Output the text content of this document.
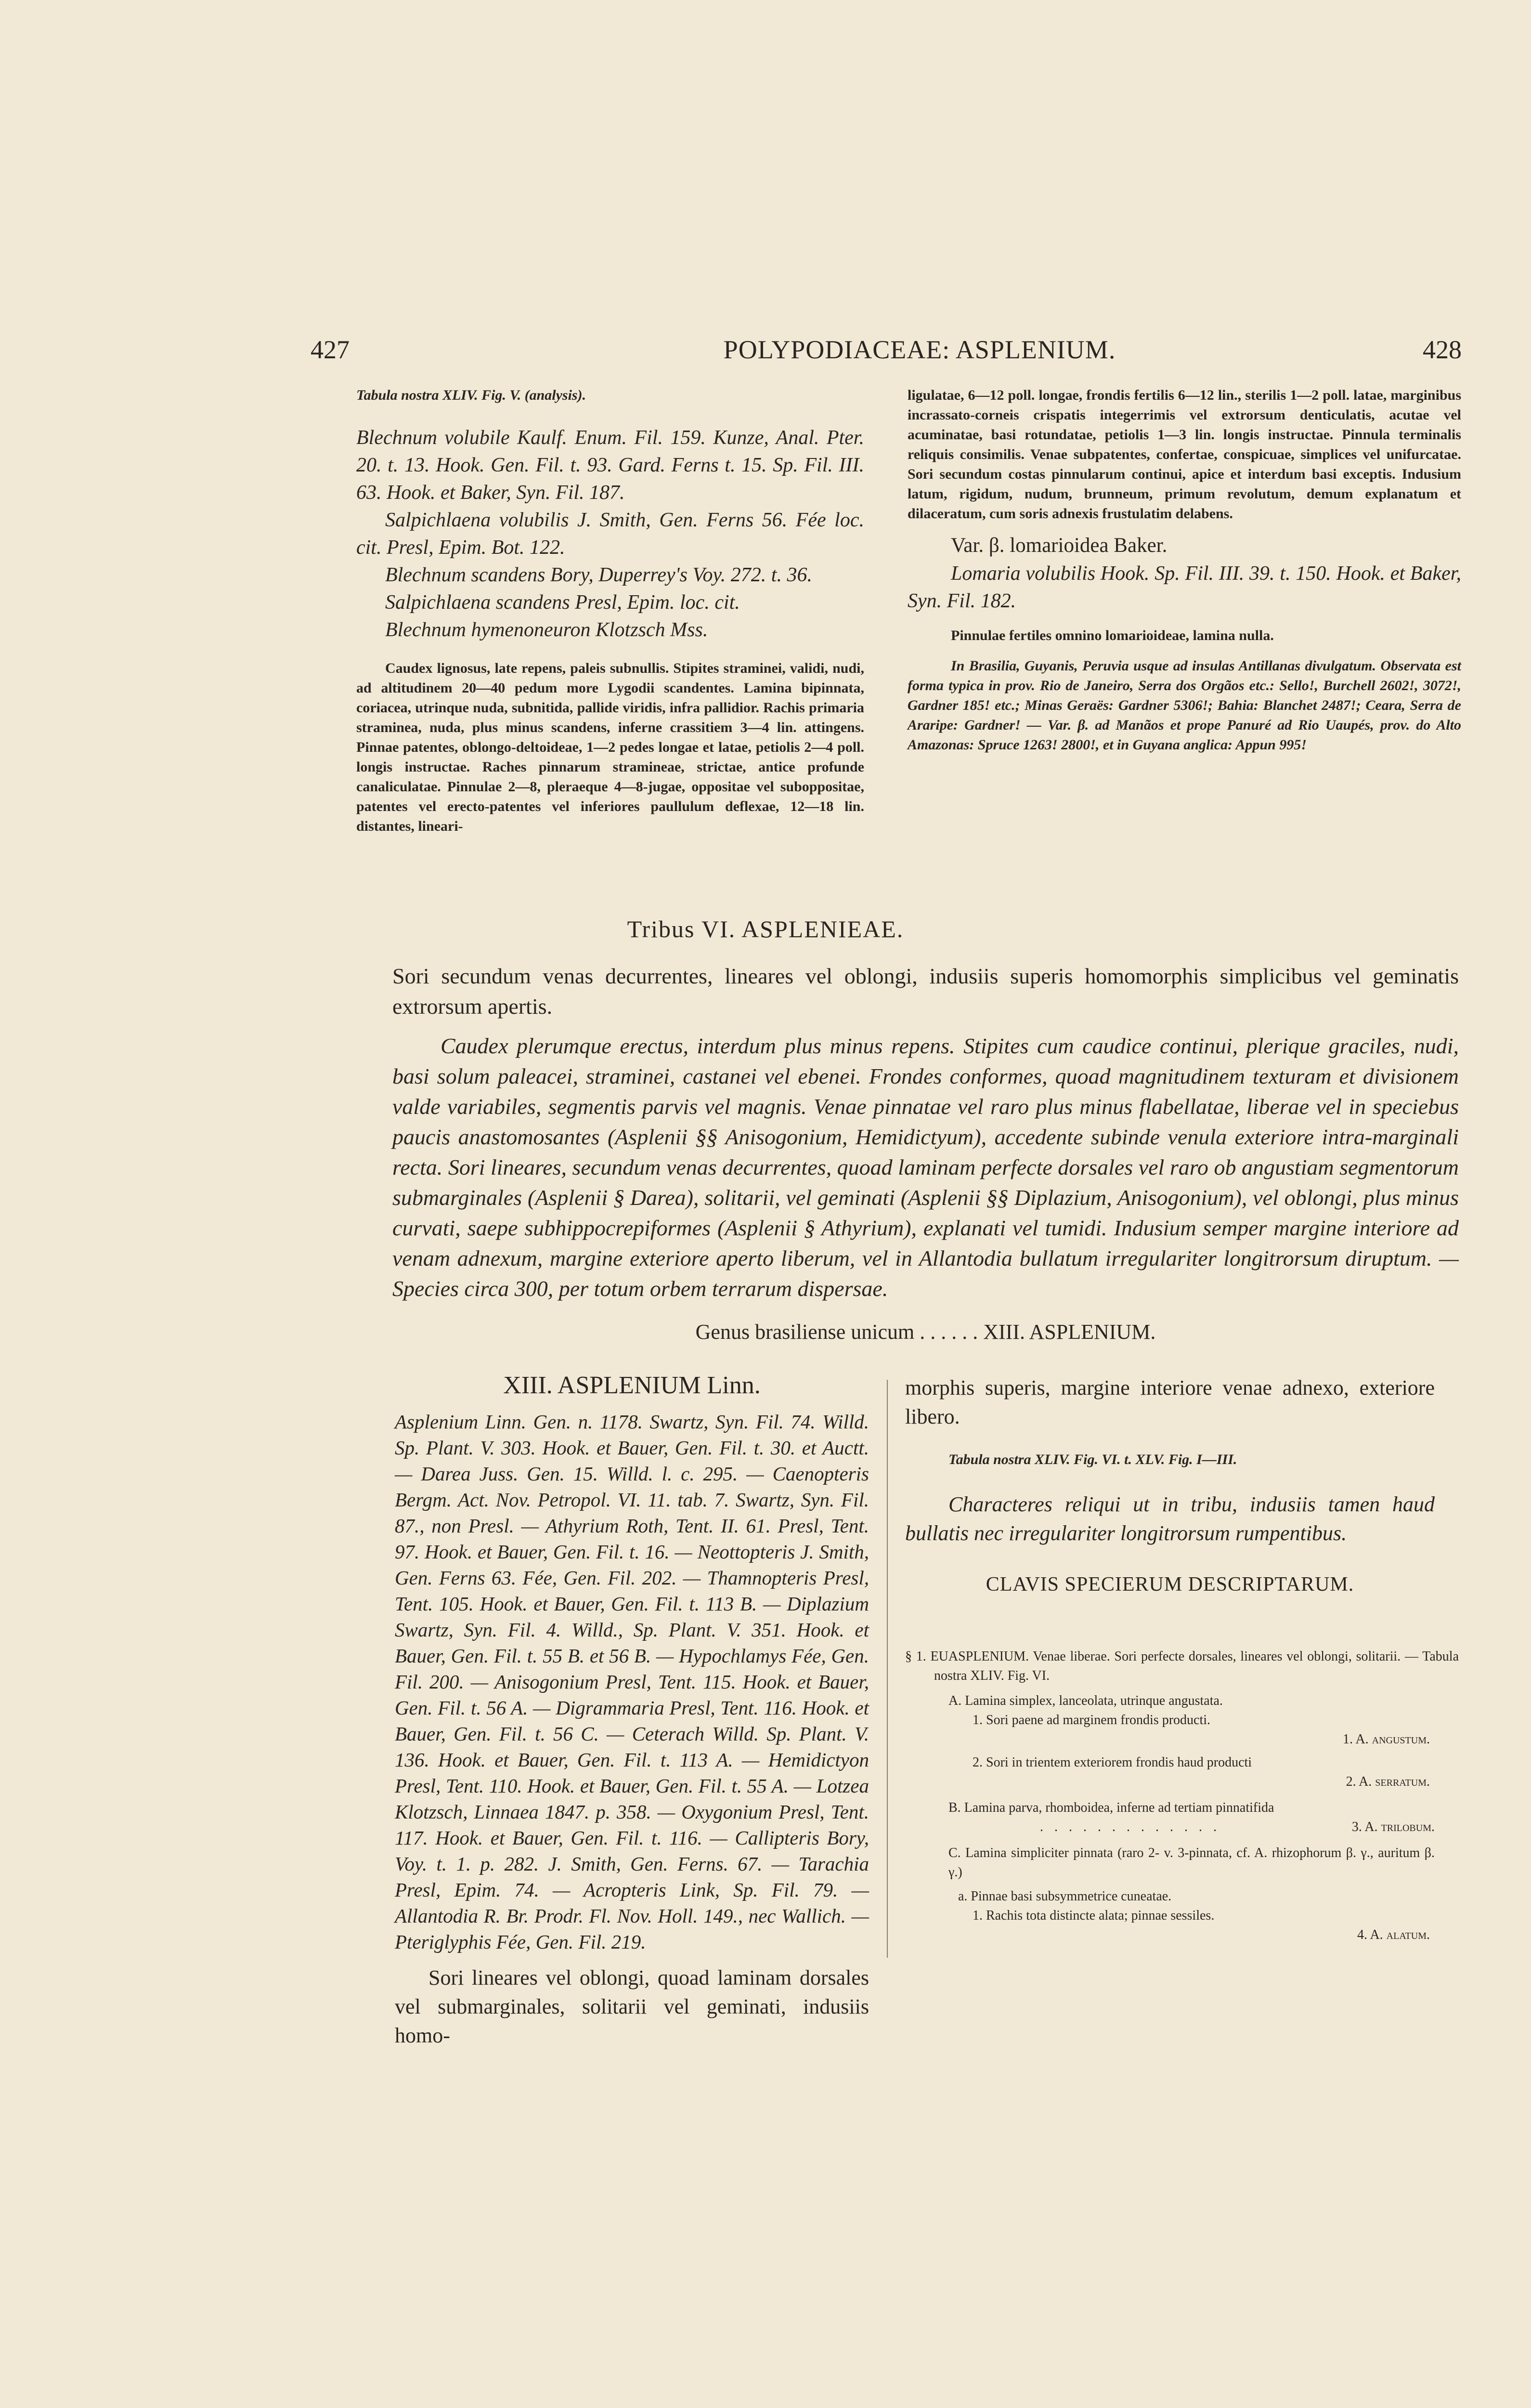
427	POLYPODIACEAE: ASPLENIUM.	428

Tabula nostra XLIV. Fig. V. (analysis).

Blechnum volubile Kaulf. Enum. Fil. 159. Kunze, Anal. Pter. 20. t. 13. Hook. Gen. Fil. t. 93. Gard. Ferns t. 15. Sp. Fil. III. 63. Hook. et Baker, Syn. Fil. 187.

Salpichlaena volubilis J. Smith, Gen. Ferns 56. Fée loc. cit. Presl, Epim. Bot. 122.

Blechnum scandens Bory, Duperrey's Voy. 272. t. 36.

Salpichlaena scandens Presl, Epim. loc. cit.

Blechnum hymenoneuron Klotzsch Mss.

Caudex lignosus, late repens, paleis subnullis. Stipites straminei, validi, nudi, ad altitudinem 20—40 pedum more Lygodii scandentes. Lamina bipinnata, coriacea, utrinque nuda, subnitida, pallide viridis, infra pallidior. Rachis primaria straminea, nuda, plus minus scandens, inferne crassitiem 3—4 lin. attingens. Pinnae patentes, oblongo-deltoideae, 1—2 pedes longae et latae, petiolis 2—4 poll. longis instructae. Raches pinnarum stramineae, strictae, antice profunde canaliculatae. Pinnulae 2—8, pleraeque 4—8-jugae, oppositae vel suboppositae, patentes vel erecto-patentes vel inferiores paullulum deflexae, 12—18 lin. distantes, lineari-

ligulatae, 6—12 poll. longae, frondis fertilis 6—12 lin., sterilis 1—2 poll. latae, marginibus incrassato-corneis crispatis integerrimis vel extrorsum denticulatis, acutae vel acuminatae, basi rotundatae, petiolis 1—3 lin. longis instructae. Pinnula terminalis reliquis consimilis. Venae subpatentes, confertae, conspicuae, simplices vel unifurcatae. Sori secundum costas pinnularum continui, apice et interdum basi exceptis. Indusium latum, rigidum, nudum, brunneum, primum revolutum, demum explanatum et dilaceratum, cum soris adnexis frustulatim delabens.

Var. β. lomarioidea Baker.

Lomaria volubilis Hook. Sp. Fil. III. 39. t. 150. Hook. et Baker, Syn. Fil. 182.

Pinnulae fertiles omnino lomarioideae, lamina nulla.

In Brasilia, Guyanis, Peruvia usque ad insulas Antillanas divulgatum. Observata est forma typica in prov. Rio de Janeiro, Serra dos Orgãos etc.: Sello!, Burchell 2602!, 3072!, Gardner 185! etc.; Minas Geraës: Gardner 5306!; Bahia: Blanchet 2487!; Ceara, Serra de Araripe: Gardner! — Var. β. ad Manãos et prope Panuré ad Rio Uaupés, prov. do Alto Amazonas: Spruce 1263! 2800!, et in Guyana anglica: Appun 995!

Tribus VI. ASPLENIEAE.

Sori secundum venas decurrentes, lineares vel oblongi, indusiis superis homomorphis simplicibus vel geminatis extrorsum apertis.

Caudex plerumque erectus, interdum plus minus repens. Stipites cum caudice continui, plerique graciles, nudi, basi solum paleacei, straminei, castanei vel ebenei. Frondes conformes, quoad magnitudinem texturam et divisionem valde variabiles, segmentis parvis vel magnis. Venae pinnatae vel raro plus minus flabellatae, liberae vel in speciebus paucis anastomosantes (Asplenii §§ Anisogonium, Hemidictyum), accedente subinde venula exteriore intra-marginali recta. Sori lineares, secundum venas decurrentes, quoad laminam perfecte dorsales vel raro ob angustiam segmentorum submarginales (Asplenii § Darea), solitarii, vel geminati (Asplenii §§ Diplazium, Anisogonium), vel oblongi, plus minus curvati, saepe subhippocrepiformes (Asplenii § Athyrium), explanati vel tumidi. Indusium semper margine interiore ad venam adnexum, margine exteriore aperto liberum, vel in Allantodia bullatum irregulariter longitrorsum diruptum. — Species circa 300, per totum orbem terrarum dispersae.

Genus brasiliense unicum . . . . . . XIII. ASPLENIUM.

XIII. ASPLENIUM Linn.

Asplenium Linn. Gen. n. 1178. Swartz, Syn. Fil. 74. Willd. Sp. Plant. V. 303. Hook. et Bauer, Gen. Fil. t. 30. et Auctt. — Darea Juss. Gen. 15. Willd. l. c. 295. — Caenopteris Bergm. Act. Nov. Petropol. VI. 11. tab. 7. Swartz, Syn. Fil. 87., non Presl. — Athyrium Roth, Tent. II. 61. Presl, Tent. 97. Hook. et Bauer, Gen. Fil. t. 16. — Neottopteris J. Smith, Gen. Ferns 63. Fée, Gen. Fil. 202. — Thamnopteris Presl, Tent. 105. Hook. et Bauer, Gen. Fil. t. 113 B. — Diplazium Swartz, Syn. Fil. 4. Willd., Sp. Plant. V. 351. Hook. et Bauer, Gen. Fil. t. 55 B. et 56 B. — Hypochlamys Fée, Gen. Fil. 200. — Anisogonium Presl, Tent. 115. Hook. et Bauer, Gen. Fil. t. 56 A. — Digrammaria Presl, Tent. 116. Hook. et Bauer, Gen. Fil. t. 56 C. — Ceterach Willd. Sp. Plant. V. 136. Hook. et Bauer, Gen. Fil. t. 113 A. — Hemidictyon Presl, Tent. 110. Hook. et Bauer, Gen. Fil. t. 55 A. — Lotzea Klotzsch, Linnaea 1847. p. 358. — Oxygonium Presl, Tent. 117. Hook. et Bauer, Gen. Fil. t. 116. — Callipteris Bory, Voy. t. 1. p. 282. J. Smith, Gen. Ferns. 67. — Tarachia Presl, Epim. 74. — Acropteris Link, Sp. Fil. 79. — Allantodia R. Br. Prodr. Fl. Nov. Holl. 149., nec Wallich. — Pteriglyphis Fée, Gen. Fil. 219.

Sori lineares vel oblongi, quoad laminam dorsales vel submarginales, solitarii vel geminati, indusiis homo-

morphis superis, margine interiore venae adnexo, exteriore libero.

Tabula nostra XLIV. Fig. VI. t. XLV. Fig. I—III.

Characteres reliqui ut in tribu, indusiis tamen haud bullatis nec irregulariter longitrorsum rumpentibus.

CLAVIS SPECIERUM DESCRIPTARUM.

§ 1. EUASPLENIUM. Venae liberae. Sori perfecte dorsales, lineares vel oblongi, solitarii. — Tabula nostra XLIV. Fig. VI.

A. Lamina simplex, lanceolata, utrinque angustata.

1. Sori paene ad marginem frondis producti.

1. A. angustum.

2. Sori in trientem exteriorem frondis haud producti

2. A. serratum.

B. Lamina parva, rhomboidea, inferne ad tertiam pinnatifida
. . . . . . . . . . . . .	3. A. trilobum.

C. Lamina simpliciter pinnata (raro 2- v. 3-pinnata, cf. A. rhizophorum β. γ., auritum β. γ.)

a. Pinnae basi subsymmetrice cuneatae.

1. Rachis tota distincte alata; pinnae sessiles.

4. A. alatum.
